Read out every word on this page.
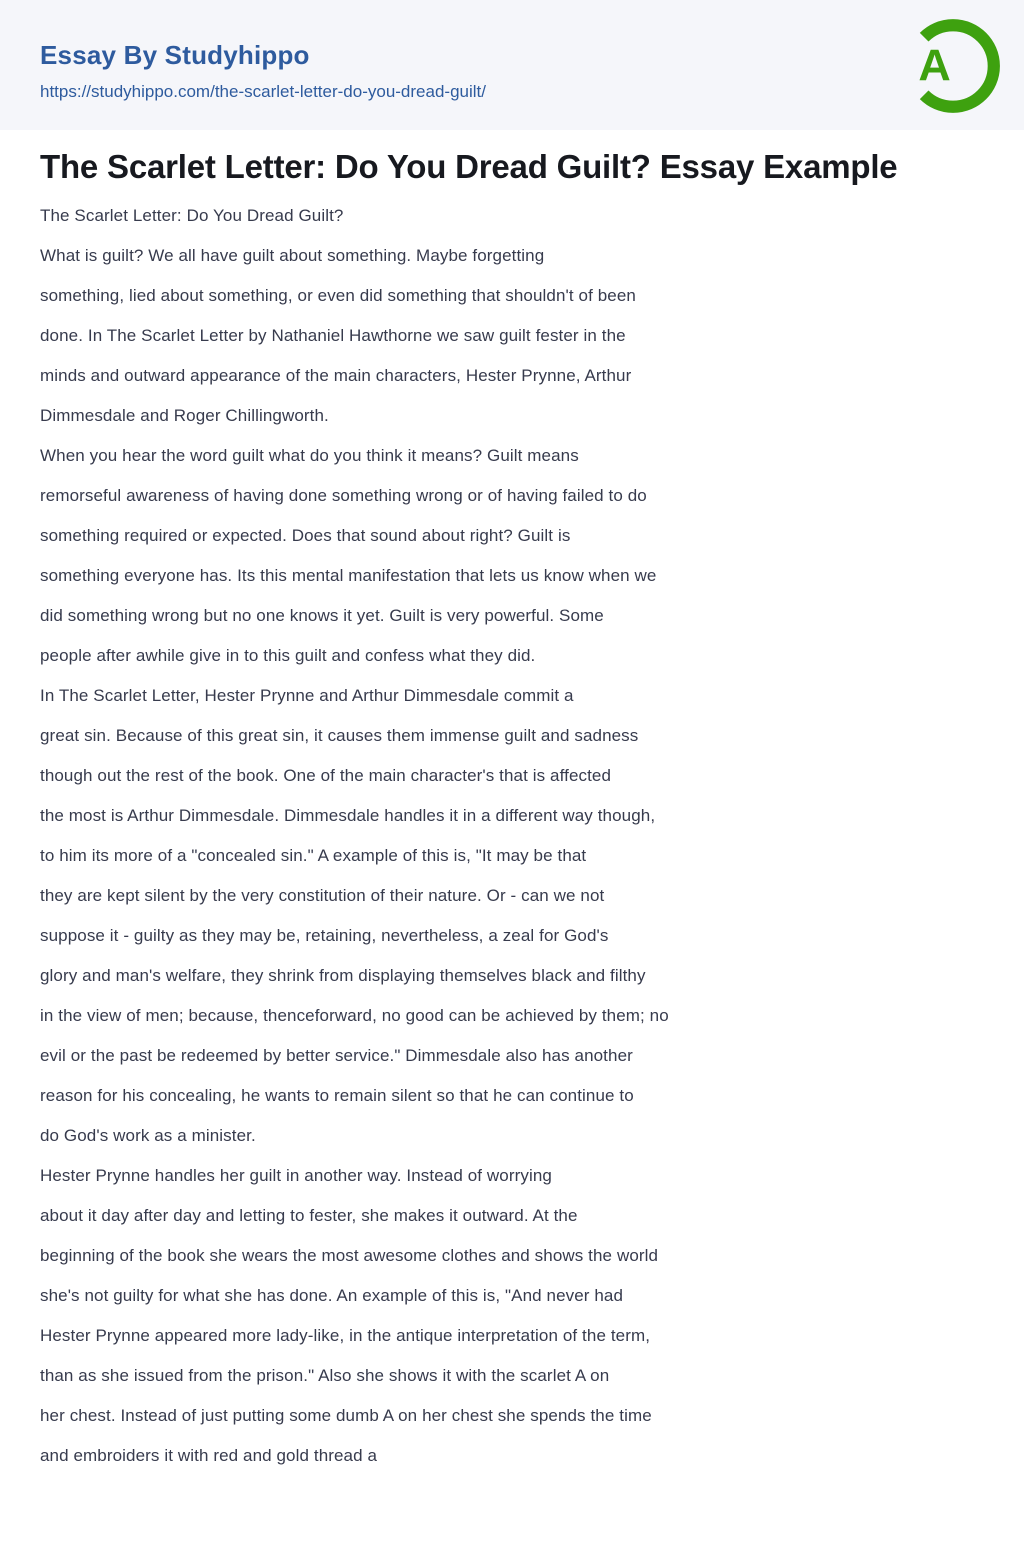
Essay By Studyhippo
https://studyhippo.com/the-scarlet-letter-do-you-dread-guilt/
A
The Scarlet Letter: Do You Dread Guilt? Essay Example

The Scarlet Letter: Do You Dread Guilt?

What is guilt? We all have guilt about something. Maybe forgetting

something, lied about something, or even did something that shouldn't of been

done. In The Scarlet Letter by Nathaniel Hawthorne we saw guilt fester in the

minds and outward appearance of the main characters, Hester Prynne, Arthur

Dimmesdale and Roger Chillingworth.

When you hear the word guilt what do you think it means? Guilt means

remorseful awareness of having done something wrong or of having failed to do

something required or expected. Does that sound about right? Guilt is

something everyone has. Its this mental manifestation that lets us know when we

did something wrong but no one knows it yet. Guilt is very powerful. Some

people after awhile give in to this guilt and confess what they did.

In The Scarlet Letter, Hester Prynne and Arthur Dimmesdale commit a

great sin. Because of this great sin, it causes them immense guilt and sadness

though out the rest of the book. One of the main character's that is affected

the most is Arthur Dimmesdale. Dimmesdale handles it in a different way though,

to him its more of a "concealed sin." A example of this is, "It may be that

they are kept silent by the very constitution of their nature. Or - can we not

suppose it - guilty as they may be, retaining, nevertheless, a zeal for God's

glory and man's welfare, they shrink from displaying themselves black and filthy

in the view of men; because, thenceforward, no good can be achieved by them; no

evil or the past be redeemed by better service." Dimmesdale also has another

reason for his concealing, he wants to remain silent so that he can continue to

do God's work as a minister.

Hester Prynne handles her guilt in another way. Instead of worrying

about it day after day and letting to fester, she makes it outward. At the

beginning of the book she wears the most awesome clothes and shows the world

she's not guilty for what she has done. An example of this is, "And never had

Hester Prynne appeared more lady-like, in the antique interpretation of the term,

than as she issued from the prison." Also she shows it with the scarlet A on

her chest. Instead of just putting some dumb A on her chest she spends the time

and embroiders it with red and gold thread a
